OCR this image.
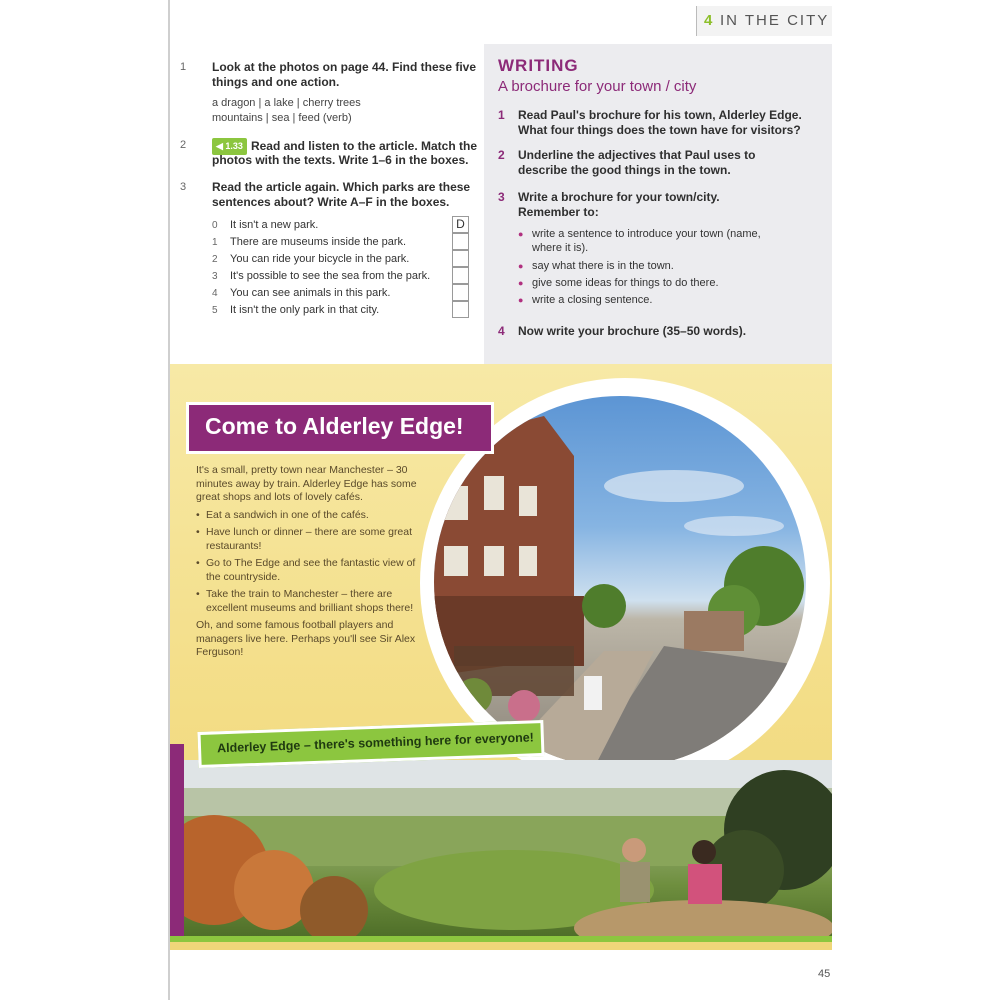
4 IN THE CITY
1 Look at the photos on page 44. Find these five
things and one action.
a dragon | a lake | cherry trees
mountains | sea | feed (verb)
2	◀ 1.33 Read and listen to the article. Match the
photos with the texts. Write 1–6 in the boxes.
3 Read the article again. Which parks are these
sentences about? Write A–F in the boxes.
0 It isn't a new park.	D
1 There are museums inside the park.
2 You can ride your bicycle in the park.
3 It's possible to see the sea from the park.
4 You can see animals in this park.
5 It isn't the only park in that city.
WRITING
A brochure for your town / city
1 Read Paul's brochure for his town, Alderley Edge.
What four things does the town have for visitors?
2 Underline the adjectives that Paul uses to
describe the good things in the town.
3 Write a brochure for your town/city.
Remember to:
● write a sentence to introduce your town (name,
where it is).
● say what there is in the town.
● give some ideas for things to do there.
● write a closing sentence.
4 Now write your brochure (35–50 words).
Come to Alderley Edge!

It's a small, pretty town near Manchester – 30 minutes away by train. Alderley Edge has some great shops and lots of lovely cafés.

• Eat a sandwich in one of the cafés.
• Have lunch or dinner – there are some great restaurants!
• Go to The Edge and see the fantastic view of the countryside.
• Take the train to Manchester – there are excellent museums and brilliant shops there!

Oh, and some famous football players and managers live here. Perhaps you'll see Sir Alex Ferguson!

Alderley Edge – there's something here for everyone!
45
